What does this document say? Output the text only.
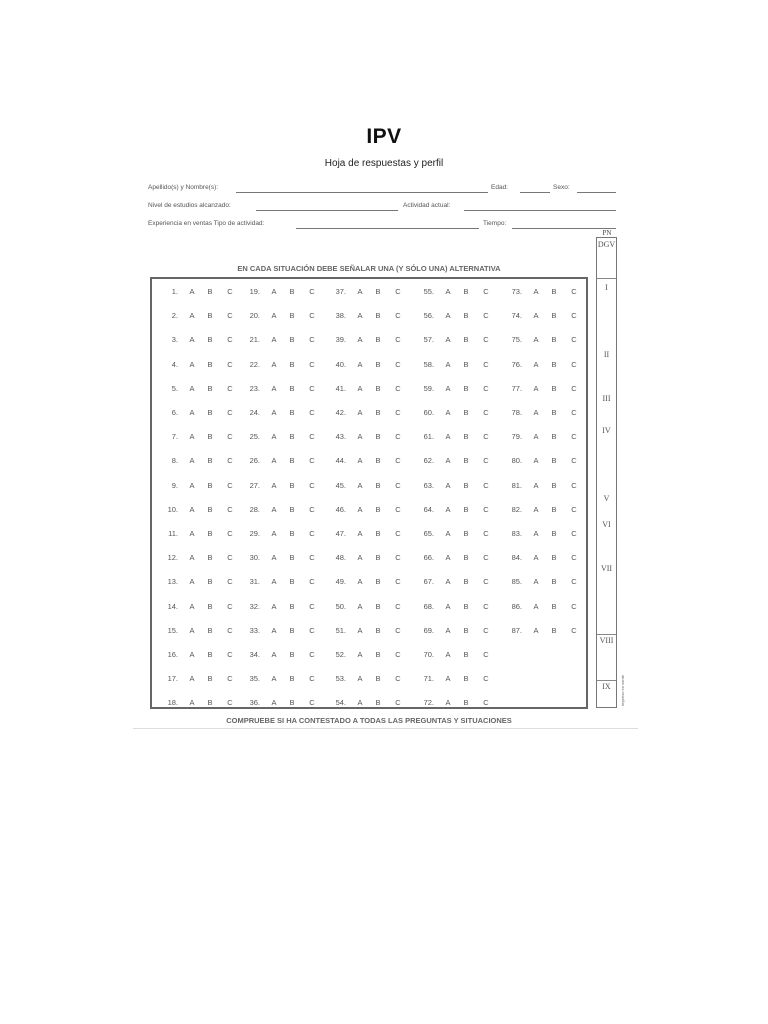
IPV
Hoja de respuestas y perfil
Apellido(s) y Nombre(s):	Edad:	Sexo:
Nivel de estudios alcanzado:	Actividad actual:
Experiencia en ventas Tipo de actividad:	Tiempo:
PN
DGV
I
II
III
IV
V
VI
VII
VIII
IX	Impreso en verde
EN CADA SITUACIÓN DEBE SEÑALAR UNA (Y SÓLO UNA) ALTERNATIVA
1. A B C
2. A B C
3. A B C
4. A B C
5. A B C
6. A B C
7. A B C
8. A B C
9. A B C
10. A B C
11. A B C
12. A B C
13. A B C
14. A B C
15. A B C
16. A B C
17. A B C
18. A B C
19. A B C
20. A B C
21. A B C
22. A B C
23. A B C
24. A B C
25. A B C
26. A B C
27. A B C
28. A B C
29. A B C
30. A B C
31. A B C
32. A B C
33. A B C
34. A B C
35. A B C
36. A B C
37. A B C
38. A B C
39. A B C
40. A B C
41. A B C
42. A B C
43. A B C
44. A B C
45. A B C
46. A B C
47. A B C
48. A B C
49. A B C
50. A B C
51. A B C
52. A B C
53. A B C
54. A B C
55. A B C
56. A B C
57. A B C
58. A B C
59. A B C
60. A B C
61. A B C
62. A B C
63. A B C
64. A B C
65. A B C
66. A B C
67. A B C
68. A B C
69. A B C
70. A B C
71. A B C
72. A B C
73. A B C
74. A B C
75. A B C
76. A B C
77. A B C
78. A B C
79. A B C
80. A B C
81. A B C
82. A B C
83. A B C
84. A B C
85. A B C
86. A B C
87. A B C
COMPRUEBE SI HA CONTESTADO A TODAS LAS PREGUNTAS Y SITUACIONES
